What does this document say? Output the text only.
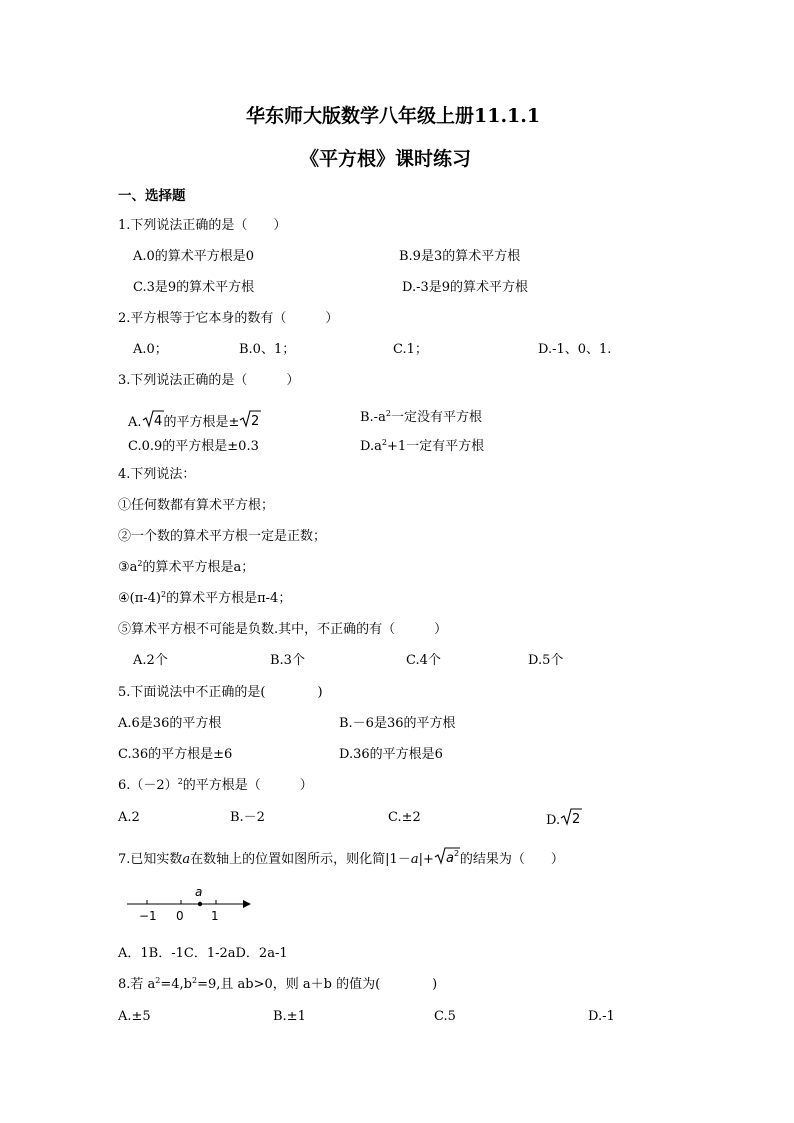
华东师大版数学八年级上册11.1.1
《平方根》课时练习
一、选择题
1.下列说法正确的是（　　）
A.0的算术平方根是0	B.9是3的算术平方根
C.3是9的算术平方根	D.-3是9的算术平方根
2.平方根等于它本身的数有（　　　）
A.0；	B.0、1；	C.1；	D.-1、0、1.
3.下列说法正确的是（　　　）
A. 4 的平方根是± 2	$B.-a^2$一定没有平方根
C.0.9的平方根是±0.3	$D.a^2+1$一定有平方根
4.下列说法：
①任何数都有算术平方根；
②一个数的算术平方根一定是正数；
$③a^2$的算术平方根是a；
$④(\pi-4)^2$的算术平方根是π-4；
⑤算术平方根不可能是负数.其中，不正确的有（　　　）
A.2个	B.3个	C.4个	D.5个
5.下面说法中不正确的是(　　　　)
A.6是36的平方根	B.－6是36的平方根
C.36的平方根是±6	D.36的平方根是6
$6.(-2)^2$的平方根是（　　　）
A.2	B.－2	C.±2	D. 2
7.已知实数a在数轴上的位置如图所示，则化简|1－a|+ a 2 的结果为（　　）
a
−1 0 1
A．1B．-1C．1-2aD．2a-1
8.若 $a^2=4,b^2=9$,且 ab>0，则 a＋b 的值为(　　　　)
A.±5	B.±1	C.5	D.-1
